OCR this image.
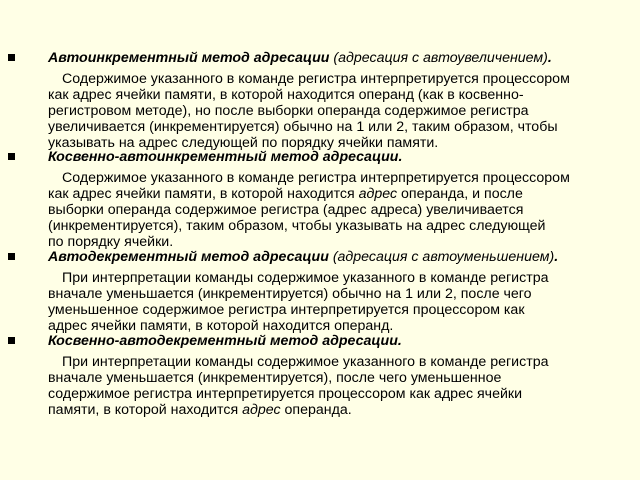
Автоинкрементный метод адресации (адресация с автоувеличением).
Содержимое указанного в команде регистра интерпретируется процессором
как адрес ячейки памяти, в которой находится операнд (как в косвенно-
регистровом методе), но после выборки операнда содержимое регистра
увеличивается (инкрементируется) обычно на 1 или 2, таким образом, чтобы
указывать на адрес следующей по порядку ячейки памяти.
Косвенно-автоинкрементный метод адресации.
Содержимое указанного в команде регистра интерпретируется процессором
как адрес ячейки памяти, в которой находится адрес операнда, и после
выборки операнда содержимое регистра (адрес адреса) увеличивается
(инкрементируется), таким образом, чтобы указывать на адрес следующей
по порядку ячейки.
Автодекрементный метод адресации (адресация с автоуменьшением).
При интерпретации команды содержимое указанного в команде регистра
вначале уменьшается (инкрементируется) обычно на 1 или 2, после чего
уменьшенное содержимое регистра интерпретируется процессором как
адрес ячейки памяти, в которой находится операнд.
Косвенно-автодекрементный метод адресации.
При интерпретации команды содержимое указанного в команде регистра
вначале уменьшается (инкрементируется), после чего уменьшенное
содержимое регистра интерпретируется процессором как адрес ячейки
памяти, в которой находится адрес операнда.
